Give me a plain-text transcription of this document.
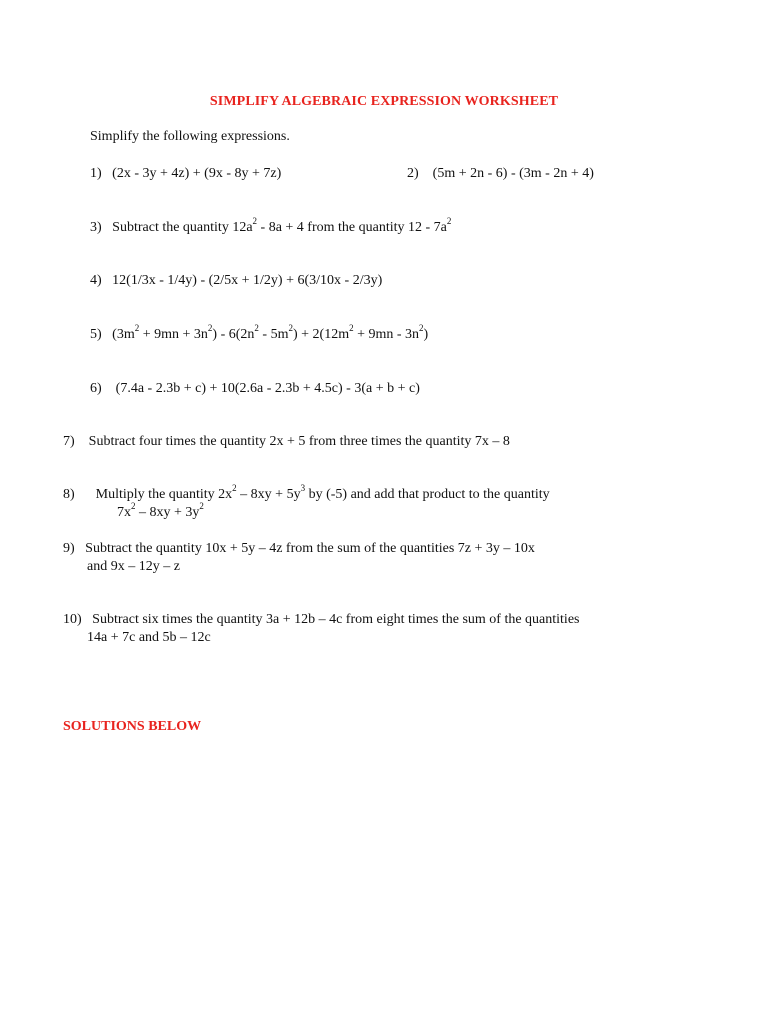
SIMPLIFY ALGEBRAIC EXPRESSION WORKSHEET
Simplify the following expressions.
1) (2x - 3y + 4z) + (9x - 8y + 7z)	2) (5m + 2n - 6) - (3m - 2n + 4)
3) Subtract the quantity $12a^2 - 8a + 4$ from the quantity $12 - 7a^2$
4) 12(1/3x - 1/4y) - (2/5x + 1/2y) + 6(3/10x - 2/3y)
5) $(3m^2 + 9mn + 3n^2) - 6(2n^2 - 5m^2) + 2(12m^2 + 9mn - 3n^2)$
6) (7.4a - 2.3b + c) + 10(2.6a - 2.3b + 4.5c) - 3(a + b + c)
7) Subtract four times the quantity 2x + 5 from three times the quantity 7x – 8
8) Multiply the quantity $2x^2 - 8xy + 5y^3$ by (-5) and add that product to the quantity
$7x^2 - 8xy + 3y^2$
9) Subtract the quantity 10x + 5y – 4z from the sum of the quantities 7z + 3y – 10x
and 9x – 12y – z
10) Subtract six times the quantity 3a + 12b – 4c from eight times the sum of the quantities
14a + 7c and 5b – 12c
SOLUTIONS BELOW
